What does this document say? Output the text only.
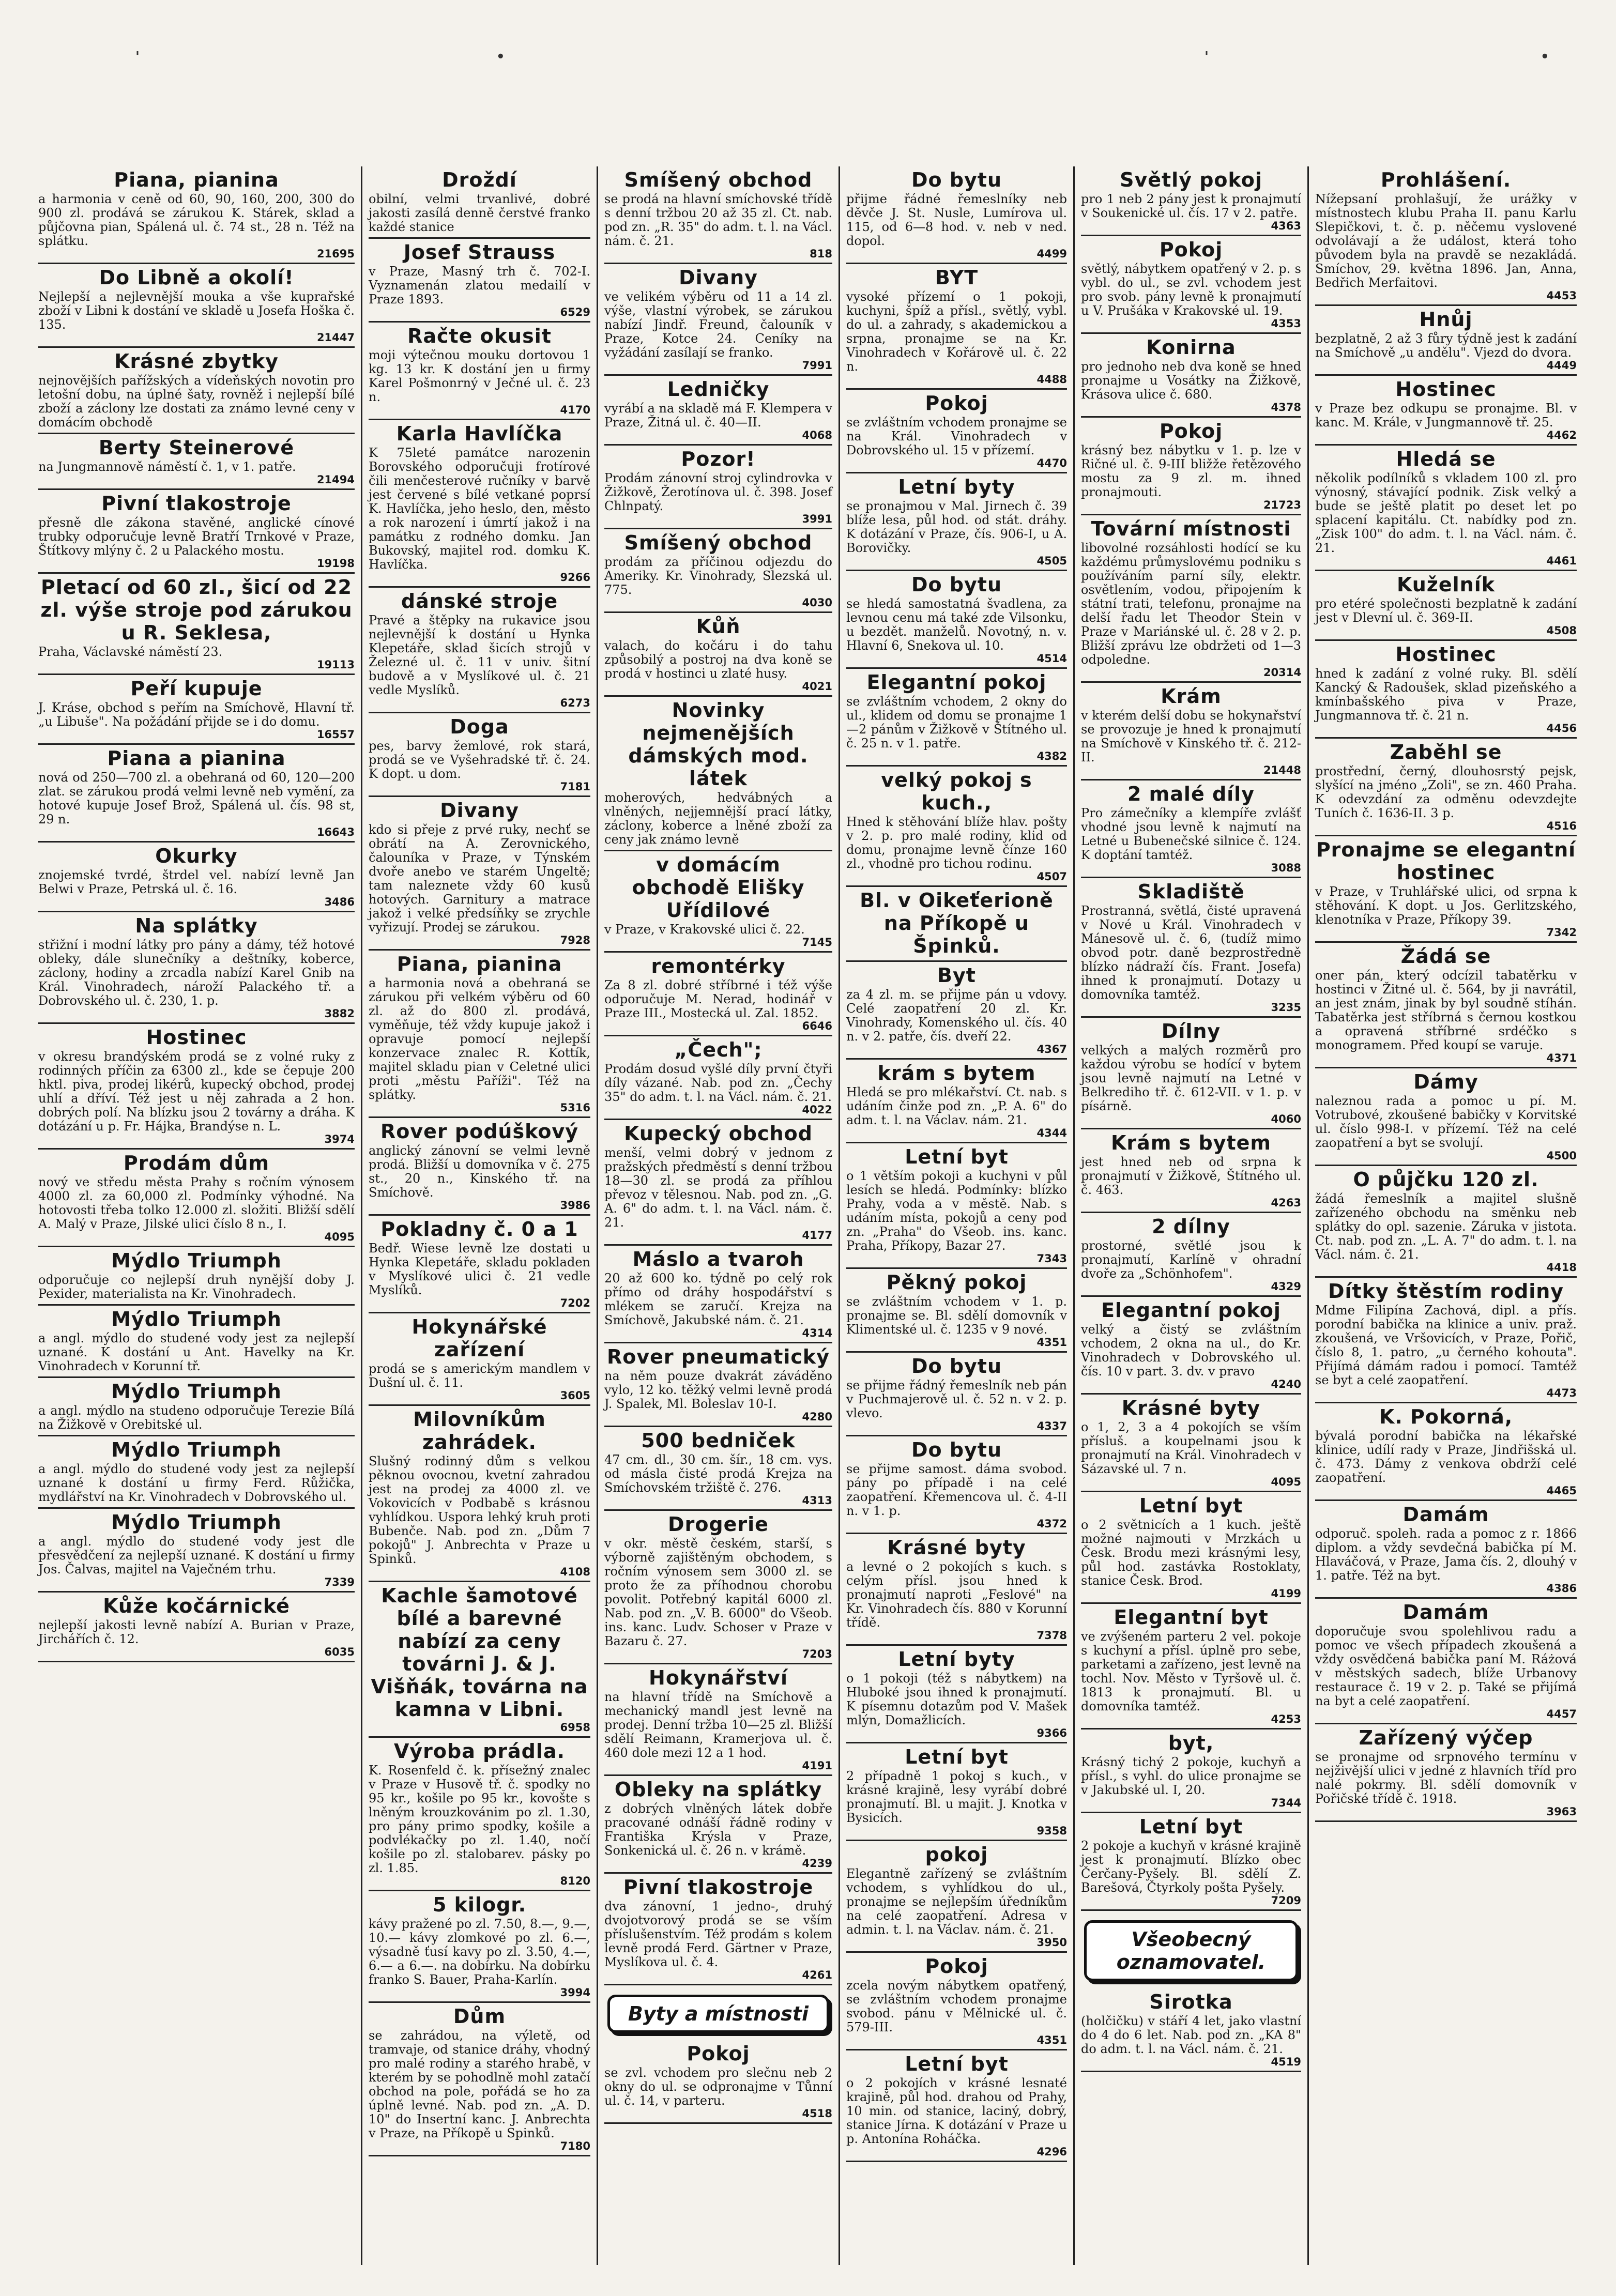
'	•	'	•
Piana, pianina

a harmonia v ceně od 60, 90, 160, 200, 300 do 900 zl. prodává se zárukou K. Stárek, sklad a půjčovna pian, Spálená ul. č. 74 st., 28 n. Též na splátku.

21695
Do Libně a okolí!

Nejlepší a nejlevnější mouka a vše kuprařské zboží v Libni k dostání ve skladě u Josefa Hoška č. 135.

21447
Krásné zbytky

nejnovějších pařížských a vídeňských novotin pro letošní dobu, na úplné šaty, rovněž i nejlepší bílé zboží a záclony lze dostati za známo levné ceny v domácím obchodě

Berty Steinerové

na Jungmannově náměstí č. 1, v 1. patře.

21494
Pivní tlakostroje

přesně dle zákona stavěné, anglické cínové trubky odporučuje levně Bratří Trnkové v Praze, Štítkovy mlýny č. 2 u Palackého mostu.

19198
Pletací od 60 zl., šicí od 22 zl. výše stroje pod zárukou u R. Seklesa,

Praha, Václavské náměstí 23.

19113
Peří kupuje

J. Kráse, obchod s peřím na Smíchově, Hlavní tř. „u Libuše". Na požádání přijde se i do domu.

16557
Piana a pianina

nová od 250—700 zl. a obehraná od 60, 120—200 zlat. se zárukou prodá velmi levně neb vymění, za hotové kupuje Josef Brož, Spálená ul. čís. 98 st, 29 n.

16643
Okurky

znojemské tvrdé, štrdel vel. nabízí levně Jan Belwi v Praze, Petrská ul. č. 16.

3486
Na splátky

střižní i modní látky pro pány a dámy, též hotové obleky, dále slunečníky a deštníky, koberce, záclony, hodiny a zrcadla nabízí Karel Gnib na Král. Vinohradech, nároží Palackého tř. a Dobrovského ul. č. 230, 1. p.

3882
Hostinec

v okresu brandýském prodá se z volné ruky z rodinných příčin za 6300 zl., kde se čepuje 200 hktl. piva, prodej likérů, kupecký obchod, prodej uhlí a dříví. Též jest u něj zahrada a 2 hon. dobrých polí. Na blízku jsou 2 továrny a dráha. K dotázání u p. Fr. Hájka, Brandýse n. L.

3974
Prodám dům

nový ve středu města Prahy s ročním výnosem 4000 zl. za 60,000 zl. Podmínky výhodné. Na hotovosti třeba tolko 12.000 zl. složiti. Bližší sdělí A. Malý v Praze, Jilské ulici číslo 8 n., I.

4095
Mýdlo Triumph

odporučuje co nejlepší druh nynější doby J. Pexider, materialista na Kr. Vinohradech.

Mýdlo Triumph

a angl. mýdlo do studené vody jest za nejlepší uznané. K dostání u Ant. Havelky na Kr. Vinohradech v Korunní tř.

Mýdlo Triumph

a angl. mýdlo na studeno odporučuje Terezie Bílá na Žižkově v Orebitské ul.

Mýdlo Triumph

a angl. mýdlo do studené vody jest za nejlepší uznané k dostání u firmy Ferd. Růžička, mydlářství na Kr. Vinohradech v Dobrovského ul.

Mýdlo Triumph

a angl. mýdlo do studené vody jest dle přesvědčení za nejlepší uznané. K dostání u firmy Jos. Čalvas, majitel na Vaječném trhu.

7339
Kůže kočárnické

nejlepší jakosti levně nabízí A. Burian v Praze, Jirchářích č. 12.

6035
Droždí

obilní, velmi trvanlivé, dobré jakosti zasílá denně čerstvé franko každé stanice

Josef Strauss

v Praze, Masný trh č. 702-I. Vyznamenán zlatou medailí v Praze 1893.

6529
Račte okusit

moji výtečnou mouku dortovou 1 kg. 13 kr. K dostání jen u firmy Karel Pošmonrný v Ječné ul. č. 23 n.

4170
Karla Havlíčka

K 75leté památce narozenin Borovského odporučuji frotírové čili menčesterové ručníky v barvě jest červené s bílé vetkané poprsí K. Havlíčka, jeho heslo, den, město a rok narození i úmrtí jakož i na památku z rodného domku. Jan Bukovský, majitel rod. domku K. Havlíčka.

9266
dánské stroje

Pravé a štěpky na rukavice jsou nejlevnější k dostání u Hynka Klepetáře, sklad šicích strojů v Železné ul. č. 11 v univ. šitní budově a v Myslíkové ul. č. 21 vedle Myslíků.

6273
Doga

pes, barvy žemlové, rok stará, prodá se ve Vyšehradské tř. č. 24. K dopt. u dom.

7181
Divany

kdo si přeje z prvé ruky, nechť se obrátí na A. Zerovnického, čalouníka v Praze, v Týnském dvoře anebo ve starém Ungeltě; tam naleznete vždy 60 kusů hotových. Garnitury a matrace jakož i velké předsíňky se zrychle vyřizují. Prodej se zárukou.

7928
Piana, pianina

a harmonia nová a obehraná se zárukou při velkém výběru od 60 zl. až do 800 zl. prodává, vyměňuje, též vždy kupuje jakož i opravuje pomocí nejlepší konzervace znalec R. Kottík, majitel skladu pian v Celetné ulici proti „městu Paříži". Též na splátky.

5316
Rover podúškový

anglický zánovní se velmi levně prodá. Bližší u domovníka v č. 275 st., 20 n., Kinského tř. na Smíchově.

3986
Pokladny č. 0 a 1

Bedř. Wiese levně lze dostati u Hynka Klepetáře, skladu pokladen v Myslíkové ulici č. 21 vedle Myslíků.

7202
Hokynářské zařízení

prodá se s americkým mandlem v Dušní ul. č. 11.

3605
Milovníkům zahrádek.

Slušný rodinný dům s velkou pěknou ovocnou, kvetní zahradou jest na prodej za 4000 zl. ve Vokovicích v Podbabě s krásnou vyhlídkou. Uspora lehký kruh proti Bubenče. Nab. pod zn. „Dům 7 pokojů" J. Anbrechta v Praze u Spinků.

4108
Kachle šamotové bílé a barevné nabízí za ceny továrni J. & J. Višňák, továrna na kamna v Libni.
6958
Výroba prádla.

K. Rosenfeld č. k. přísežný znalec v Praze v Husově tř. č. spodky no 95 kr., košile po 95 kr., kovošte s lněným krouzkovánim po zl. 1.30, pro pány primo spodky, košile a podvlékačky po zl. 1.40, nočí košile po zl. stalobarev. pásky po zl. 1.85.

8120
5 kilogr.

kávy pražené po zl. 7.50, 8.—, 9.—, 10.— kávy zlomkové po zl. 6.—, výsadně ťusí kavy po zl. 3.50, 4.—, 6.— a 6.—. na dobírku. Na dobírku franko S. Bauer, Praha-Karlín.

3994
Dům

se zahrádou, na výletě, od tramvaje, od stanice dráhy, vhodný pro malé rodiny a starého hrabě, v kterém by se pohodlně mohl zatačí obchod na pole, pořádá se ho za úplně levné. Nab. pod zn. „A. D. 10" do Insertní kanc. J. Anbrechta v Praze, na Příkopě u Spinků.

7180
Smíšený obchod

se prodá na hlavní smíchovské třídě s denní tržbou 20 až 35 zl. Ct. nab. pod zn. „R. 35" do adm. t. l. na Václ. nám. č. 21.

818
Divany

ve velikém výběru od 11 a 14 zl. výše, vlastní výrobek, se zárukou nabízí Jindř. Freund, čalouník v Praze, Kotce 24. Ceníky na vyžádání zasílají se franko.

7991
Ledničky

vyrábí a na skladě má F. Klempera v Praze, Žitná ul. č. 40—II.

4068
Pozor!

Prodám zánovní stroj cylindrovka v Žižkově, Žerotínova ul. č. 398. Josef Chlnpatý.

3991
Smíšený obchod

prodám za příčinou odjezdu do Ameriky. Kr. Vinohrady, Slezská ul. 775.

4030
Kůň

valach, do kočáru i do tahu způsobilý a postroj na dva koně se prodá v hostinci u zlaté husy.

4021
Novinky nejmenějších dámských mod. látek

moherových, hedvábných a vlněných, nejjemnější prací látky, záclony, koberce a lněné zboží za ceny jak známo levně

v domácím obchodě Elišky Uřídilové

v Praze, v Krakovské ulici č. 22.

7145
remontérky

Za 8 zl. dobré stříbrné i též výše odporučuje M. Nerad, hodinář v Praze III., Mostecká ul. Zal. 1852.

6646
„Čech";

Prodám dosud vyšlé díly první čtyři díly vázané. Nab. pod zn. „Čechy 35" do adm. t. l. na Václ. nám. č. 21.

4022
Kupecký obchod

menší, velmi dobrý v jednom z pražských předměstí s denní tržbou 18—30 zl. se prodá za příhlou převoz v tělesnou. Nab. pod zn. „G. A. 6" do adm. t. l. na Václ. nám. č. 21.

4177
Máslo a tvaroh

20 až 600 ko. týdně po celý rok přímo od dráhy hospodářství s mlékem se zaručí. Krejza na Smíchově, Jakubské nám. č. 21.

4314
Rover pneumatický

na něm pouze dvakrát záváděno vylo, 12 ko. těžký velmi levně prodá J. Spalek, Ml. Boleslav 10-I.

4280
500 bedniček

47 cm. dl., 30 cm. šír., 18 cm. vys. od másla čisté prodá Krejza na Smíchovském tržiště č. 276.

4313
Drogerie

v okr. městě českém, starší, s výborně zajištěným obchodem, s ročním výnosem sem 3000 zl. se proto že za příhodnou chorobu povolit. Potřebný kapitál 6000 zl. Nab. pod zn. „V. B. 6000" do Všeob. ins. kanc. Ludv. Schoser v Praze v Bazaru č. 27.

7203
Hokynářství

na hlavní třídě na Smíchově a mechanický mandl jest levně na prodej. Denní tržba 10—25 zl. Bližší sdělí Reimann, Kramerjova ul. č. 460 dole mezi 12 a 1 hod.

4191
Obleky na splátky

z dobrých vlněných látek dobře pracované odnáší řádně rodiny v Františka Krýsla v Praze, Sonkenická ul. č. 26 n. v krámě.

4239
Pivní tlakostroje

dva zánovní, 1 jedno-, druhý dvojotvorový prodá se se vším příslušenstvím. Též prodám s kolem levně prodá Ferd. Gärtner v Praze, Myslíkova ul. č. 4.

4261
Byty a místnosti
Pokoj

se zvl. vchodem pro slečnu neb 2 okny do ul. se odpronajme v Tůnní ul. č. 14, v parteru.

4518
Do bytu

přijme řádné řemeslníky neb děvče J. St. Nusle, Lumírova ul. 115, od 6—8 hod. v. neb v ned. dopol.

4499
BYT

vysoké přízemí o 1 pokoji, kuchyni, špíž a přísl., světlý, vybl. do ul. a zahrady, s akademickou a srpna, pronajme se na Kr. Vinohradech v Kořárově ul. č. 22 n.

4488
Pokoj

se zvláštním vchodem pronajme se na Král. Vinohradech v Dobrovského ul. 15 v přízemí.

4470
Letní byty

se pronajmou v Mal. Jirnech č. 39 blíže lesa, půl hod. od stát. dráhy. K dotázání v Praze, čís. 906-I, u A. Borovičky.

4505
Do bytu

se hledá samostatná švadlena, za levnou cenu má také zde Vilsonku, u bezdět. manželů. Novotný, n. v. Hlavní 6, Snekova ul. 10.

4514
Elegantní pokoj

se zvláštním vchodem, 2 okny do ul., klidem od domu se pronajme 1—2 pánům v Žižkově v Štítného ul. č. 25 n. v 1. patře.

4382
velký pokoj s kuch.,

Hned k stěhování blíže hlav. pošty v 2. p. pro malé rodiny, klid od domu, pronajme levně čínze 160 zl., vhodně pro tichou rodinu.

4507
Bl. v Oikeťerioně na Příkopě u Špinků.
Byt

za 4 zl. m. se přijme pán u vdovy. Celé zaopatření 20 zl. Kr. Vinohrady, Komenského ul. čís. 40 n. v 2. patře, čís. dveří 22.

4367
krám s bytem

Hledá se pro mlékařství. Ct. nab. s udáním činže pod zn. „P. A. 6" do adm. t. l. na Václav. nám. 21.

4344
Letní byt

o 1 větším pokoji a kuchyni v půl lesích se hledá. Podmínky: blízko Prahy, voda a v městě. Nab. s udáním místa, pokojů a ceny pod zn. „Praha" do Všeob. ins. kanc. Praha, Příkopy, Bazar 27.

7343
Pěkný pokoj

se zvláštním vchodem v 1. p. pronajme se. Bl. sdělí domovník v Klimentské ul. č. 1235 v 9 nové.

4351
Do bytu

se přijme řádný řemeslník neb pán v Puchmajerově ul. č. 52 n. v 2. p. vlevo.

4337
Do bytu

se přijme samost. dáma svobod. pány po případě i na celé zaopatření. Křemencova ul. č. 4-II n. v 1. p.

4372
Krásné byty

a levné o 2 pokojích s kuch. s celým přísl. jsou hned k pronajmutí naproti „Feslové" na Kr. Vinohradech čís. 880 v Korunní třídě.

7378
Letní byty

o 1 pokoji (též s nábytkem) na Hluboké jsou ihned k pronajmutí. K písemnu dotazům pod V. Mašek mlýn, Domažlicích.

9366
Letní byt

2 případně 1 pokoj s kuch., v krásné krajině, lesy vyrábí dobré pronajmutí. Bl. u majit. J. Knotka v Bysicích.

9358
pokoj

Elegantně zařízený se zvláštním vchodem, s vyhlídkou do ul., pronajme se nejlepším úředníkům na celé zaopatření. Adresa v admin. t. l. na Václav. nám. č. 21.

3950
Pokoj

zcela novým nábytkem opatřený, se zvláštním vchodem pronajme svobod. pánu v Mělnické ul. č. 579-III.

4351
Letní byt

o 2 pokojích v krásné lesnaté krajině, půl hod. drahou od Prahy, 10 min. od stanice, laciný, dobrý, stanice Jírna. K dotázání v Praze u p. Antonína Roháčka.

4296
Světlý pokoj

pro 1 neb 2 pány jest k pronajmutí v Soukenické ul. čís. 17 v 2. patře.

4363
Pokoj

světlý, nábytkem opatřený v 2. p. s vybl. do ul., se zvl. vchodem jest pro svob. pány levně k pronajmutí u V. Prušáka v Krakovské ul. 19.

4353
Konirna

pro jednoho neb dva koně se hned pronajme u Vosátky na Žižkově, Krásova ulice č. 680.

4378
Pokoj

krásný bez nábytku v 1. p. lze v Ričné ul. č. 9-III bližže řetězového mostu za 9 zl. m. ihned pronajmouti.

21723
Tovární místnosti

libovolné rozsáhlosti hodící se ku každému průmyslovému podniku s používáním parní síly, elektr. osvětlením, vodou, připojením k státní trati, telefonu, pronajme na delší řadu let Theodor Stein v Praze v Mariánské ul. č. 28 v 2. p. Bližší zprávu lze obdržeti od 1—3 odpoledne.

20314
Krám

v kterém delší dobu se hokynařství se provozuje je hned k pronajmutí na Smíchově v Kinského tř. č. 212-II.

21448
2 malé díly

Pro zámečníky a klempíře zvlášť vhodné jsou levně k najmutí na Letné u Bubenečské silnice č. 124. K doptání tamtéž.

3088
Skladiště

Prostranná, světlá, čisté upravená v Nové u Král. Vinohradech v Mánesově ul. č. 6, (tudíž mimo obvod potr. daně bezprostředně blízko nádraží čís. Frant. Josefa) ihned k pronajmutí. Dotazy u domovníka tamtéž.

3235
Dílny

velkých a malých rozměrů pro každou výrobu se hodící v bytem jsou levně najmutí na Letné v Belkrediho tř. č. 612-VII. v 1. p. v písárně.

4060
Krám s bytem

jest hned neb od srpna k pronajmutí v Žižkově, Štítného ul. č. 463.

4263
2 dílny

prostorné, světlé jsou k pronajmutí, Karlíně v ohradní dvoře za „Schönhofem".

4329
Elegantní pokoj

velký a čistý se zvláštním vchodem, 2 okna na ul., do Kr. Vinohradech v Dobrovského ul. čís. 10 v part. 3. dv. v pravo

4240
Krásné byty

o 1, 2, 3 a 4 pokojích se vším přísluš. a koupelnami jsou k pronajmutí na Král. Vinohradech v Sázavské ul. 7 n.

4095
Letní byt

o 2 světnicích a 1 kuch. ještě možné najmouti v Mrzkách u Česk. Brodu mezi krásnými lesy, půl hod. zastávka Rostoklaty, stanice Česk. Brod.

4199
Elegantní byt

ve zvýšeném parteru 2 vel. pokoje s kuchyní a přísl. úplně pro sebe, parketami a zařízeno, jest levně na tochl. Nov. Město v Tyršově ul. č. 1813 k pronajmutí. Bl. u domovníka tamtéž.

4253
byt,

Krásný tichý 2 pokoje, kuchyň a přísl., s vyhl. do ulice pronajme se v Jakubské ul. I, 20.

7344
Letní byt

2 pokoje a kuchyň v krásné krajině jest k pronajmutí. Blízko obec Čerčany-Pyšely. Bl. sdělí Z. Barešová, Čtyrkoly pošta Pyšely.

7209
Všeobecný oznamovatel.
Sirotka

(holčičku) v stáří 4 let, jako vlastní do 4 do 6 let. Nab. pod zn. „KA 8" do adm. t. l. na Václ. nám. č. 21.

4519
Prohlášení.

Nížepsaní prohlašují, že urážky v místnostech klubu Praha II. panu Karlu Slepičkovi, t. č. p. něčemu vyslovené odvolávají a že událost, která toho původem byla na pravdě se nezakládá. Smíchov, 29. května 1896. Jan, Anna, Bedřich Merfaitovi.

4453
Hnůj

bezplatně, 2 až 3 fůry týdně jest k zadání na Smíchově „u andělu". Vjezd do dvora.

4449
Hostinec

v Praze bez odkupu se pronajme. Bl. v kanc. M. Krále, v Jungmannově tř. 25.

4462
Hledá se

několik podílníků s vkladem 100 zl. pro výnosný, stávající podnik. Zisk velký a bude se ještě platit po deset let po splacení kapitálu. Ct. nabídky pod zn. „Zisk 100" do adm. t. l. na Václ. nám. č. 21.

4461
Kuželník

pro etéré společnosti bezplatně k zadání jest v Dlevní ul. č. 369-II.

4508
Hostinec

hned k zadání z volné ruky. Bl. sdělí Kancký & Radoušek, sklad pizeňského a kmínbašského piva v Praze, Jungmannova tř. č. 21 n.

4456
Zaběhl se

prostřední, černý, dlouhosrstý pejsk, slyšící na jméno „Zoli", se zn. 460 Praha. K odevzdání za odměnu odevzdejte Tuních č. 1636-II. 3 p.

4516
Pronajme se elegantní hostinec

v Praze, v Truhlářské ulici, od srpna k stěhování. K dopt. u Jos. Gerlitzského, klenotníka v Praze, Příkopy 39.

7342
Žádá se

oner pán, který odcízil tabatěrku v hostinci v Žitné ul. č. 564, by ji navrátil, an jest znám, jinak by byl soudně stíhán. Tabatěrka jest stříbrná s černou kostkou a opravená stříbrné srdéčko s monogramem. Před koupí se varuje.

4371
Dámy

naleznou rada a pomoc u pí. M. Votrubové, zkoušené babičky v Korvitské ul. číslo 998-I. v přízemí. Též na celé zaopatření a byt se svolují.

4500
O půjčku 120 zl.

žádá řemeslník a majitel slušně zařízeného obchodu na směnku neb splátky do opl. sazenie. Záruka v jistota. Ct. nab. pod zn. „L. A. 7" do adm. t. l. na Václ. nám. č. 21.

4418
Dítky štěstím rodiny

Mdme Filipína Zachová, dipl. a přís. porodní babička na klinice a univ. praž. zkoušená, ve Vršovicích, v Praze, Pořič, číslo 8, 1. patro, „u černého kohouta". Přijímá dámám radou i pomocí. Tamtéž se byt a celé zaopatření.

4473
K. Pokorná,

bývalá porodní babička na lékařské klinice, udílí rady v Praze, Jindřišská ul. č. 473. Dámy z venkova obdrží celé zaopatření.

4465
Damám

odporuč. spoleh. rada a pomoc z r. 1866 diplom. a vždy sevdečná babička pí M. Hlaváčová, v Praze, Jama čís. 2, dlouhý v 1. patře. Též na byt.

4386
Damám

doporučuje svou spolehlivou radu a pomoc ve všech případech zkoušená a vždy osvědčená babička paní M. Ráżová v městských sadech, blíže Urbanovy restaurace č. 19 v 2. p. Také se přijímá na byt a celé zaopatření.

4457
Zařízený výčep

se pronajme od srpnového termínu v nejživější ulici v jedné z hlavních tříd pro nalé pokrmy. Bl. sdělí domovník v Pořičské třídě č. 1918.

3963
